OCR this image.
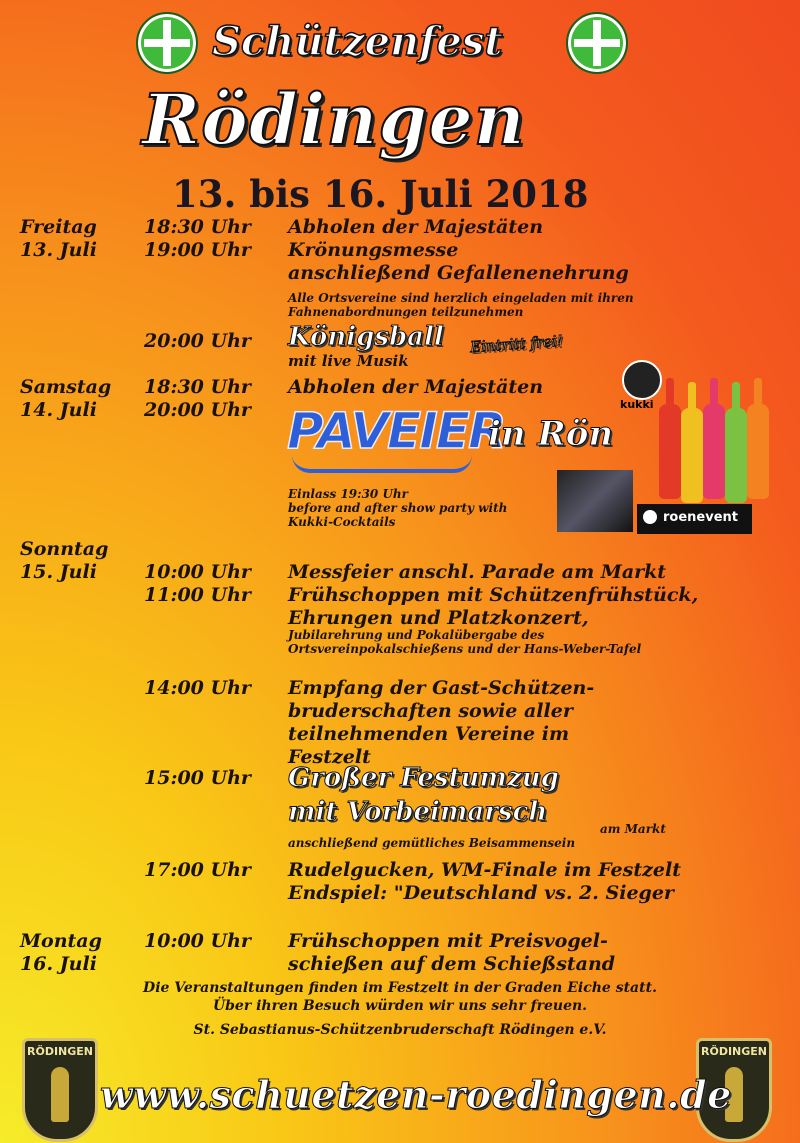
Schützenfest
Rödingen
13. bis 16. Juli 2018
Freitag
13. Juli
18:30 Uhr Abholen der Majestäten
19:00 Uhr Krönungsmesse
anschließend Gefallenenehrung
Alle Ortsvereine sind herzlich eingeladen mit ihren
Fahnenabordnungen teilzunehmen
20:00 Uhr Königsball Eintritt frei!
mit live Musik
Samstag
14. Juli
18:30 Uhr Abholen der Majestäten
20:00 Uhr PAVEIER
in Rön
kukki
Einlass 19:30 Uhr
before and after show party with
Kukki-Cocktails	roenevent
Sonntag
15. Juli 10:00 Uhr Messfeier anschl. Parade am Markt
11:00 Uhr Frühschoppen mit Schützenfrühstück,
Ehrungen und Platzkonzert,
Jubilarehrung und Pokalübergabe des
Ortsvereinpokalschießens und der Hans-Weber-Tafel
14:00 Uhr Empfang der Gast-Schützen-
bruderschaften sowie aller
teilnehmenden Vereine im
Festzelt
15:00 Uhr Großer Festumzug
mit Vorbeimarsch
am Markt
anschließend gemütliches Beisammensein
17:00 Uhr Rudelgucken, WM-Finale im Festzelt
Endspiel: "Deutschland vs. 2. Sieger
Montag
16. Juli
10:00 Uhr Frühschoppen mit Preisvogel-
schießen auf dem Schießstand
Die Veranstaltungen finden im Festzelt in der Graden Eiche statt.
Über ihren Besuch würden wir uns sehr freuen.
St. Sebastianus-Schützenbruderschaft Rödingen e.V.
RÖDINGEN	RÖDINGEN
www.schuetzen-roedingen.de
